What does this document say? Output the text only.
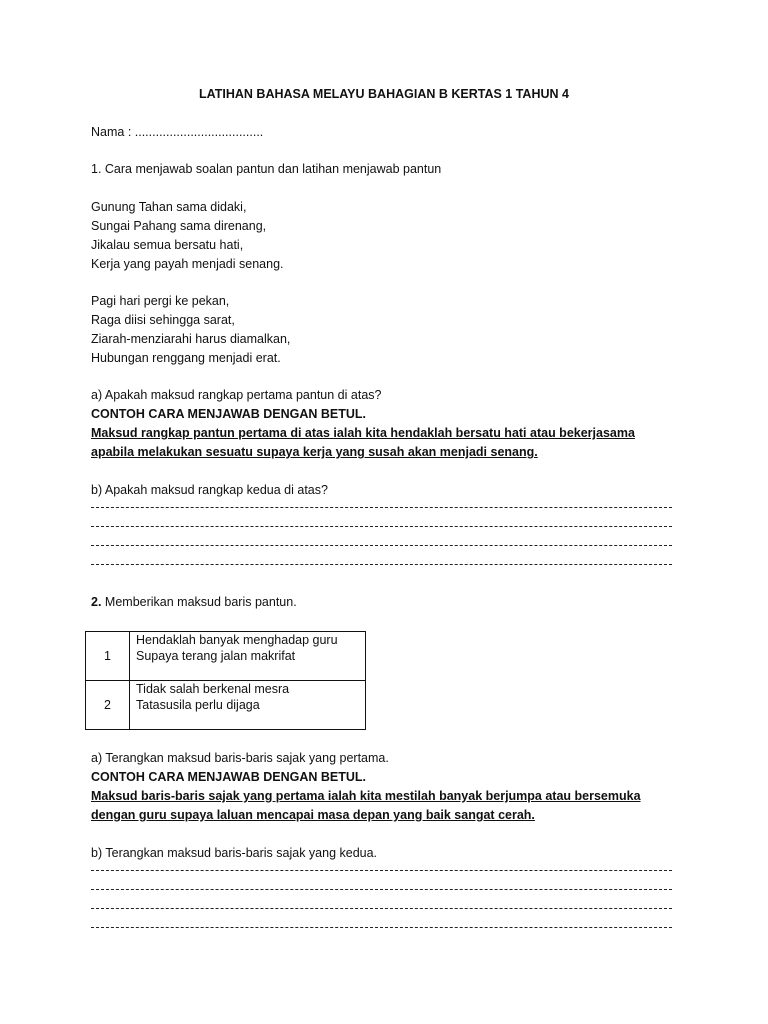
LATIHAN BAHASA MELAYU BAHAGIAN B KERTAS 1 TAHUN 4
Nama : .....................................
1. Cara menjawab soalan pantun dan latihan menjawab pantun
Gunung Tahan sama didaki,
Sungai Pahang sama direnang,
Jikalau semua bersatu hati,
Kerja yang payah menjadi senang.
Pagi hari pergi ke pekan,
Raga diisi sehingga sarat,
Ziarah-menziarahi harus diamalkan,
Hubungan renggang menjadi erat.
a) Apakah maksud rangkap pertama pantun di atas?
CONTOH CARA MENJAWAB DENGAN BETUL.
Maksud rangkap pantun pertama di atas ialah kita hendaklah bersatu hati atau bekerjasama
apabila melakukan sesuatu supaya kerja yang susah akan menjadi senang.
b) Apakah maksud rangkap kedua di atas?
2. Memberikan maksud baris pantun.
1	Hendaklah banyak menghadap guru
Supaya terang jalan makrifat

2	Tidak salah berkenal mesra
Tatasusila perlu dijaga
a) Terangkan maksud baris-baris sajak yang pertama.
CONTOH CARA MENJAWAB DENGAN BETUL.
Maksud baris-baris sajak yang pertama ialah kita mestilah banyak berjumpa atau bersemuka
dengan guru supaya laluan mencapai masa depan yang baik sangat cerah.
b) Terangkan maksud baris-baris sajak yang kedua.
